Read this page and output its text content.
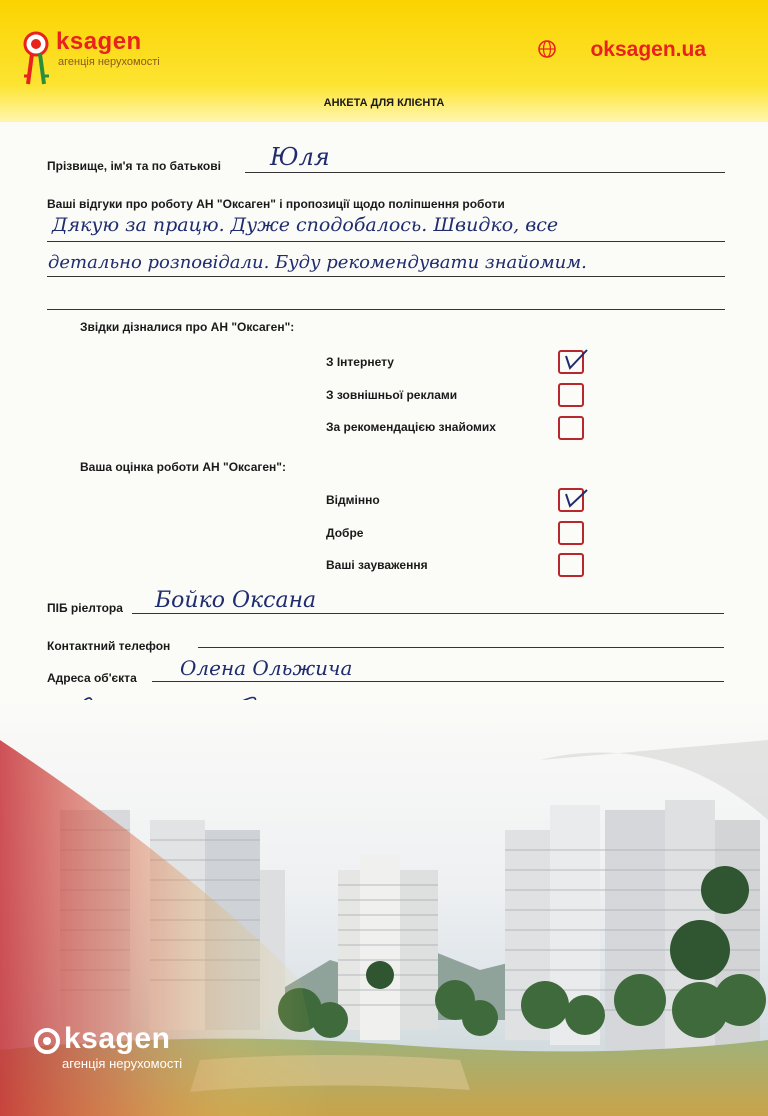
ksagen
агенція нерухомості
oksagen.ua
АНКЕТА ДЛЯ КЛІЄНТА
Прізвище, ім'я та по батькові Юля
Ваші відгуки про роботу АН "Оксаген" і пропозиції щодо поліпшення роботи
Дякую за працю. Дуже сподобалось. Швидко, все
детально розповідали. Буду рекомендувати знайомим.
Звідки дізналися про АН "Оксаген":
З Інтернету
З зовнішньої реклами
За рекомендацією знайомих
Ваша оцінка роботи АН "Оксаген":
Відмінно
Добре
Ваші зауваження
ПІБ ріелтора Бойко Оксана
Контактний телефон
Адреса об'єкта Олена Ольжича
ksagen
агенція нерухомості
